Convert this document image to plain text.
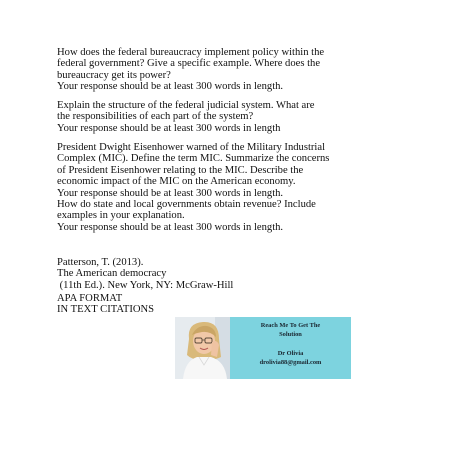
How does the federal bureaucracy implement policy within the

federal government? Give a specific example. Where does the

bureaucracy get its power?

Your response should be at least 300 words in length.

Explain the structure of the federal judicial system. What are

the responsibilities of each part of the system?

Your response should be at least 300 words in length

President Dwight Eisenhower warned of the Military Industrial

Complex (MIC). Define the term MIC. Summarize the concerns

of President Eisenhower relating to the MIC. Describe the

economic impact of the MIC on the American economy.

Your response should be at least 300 words in length.

How do state and local governments obtain revenue? Include

examples in your explanation.

Your response should be at least 300 words in length.

Patterson, T. (2013).

The American democracy

(11th Ed.). New York, NY: McGraw-Hill

APA FORMAT

IN TEXT CITATIONS

Reach Me To Get The

Solution

Dr Olivia

drolivia88@gmail.com
